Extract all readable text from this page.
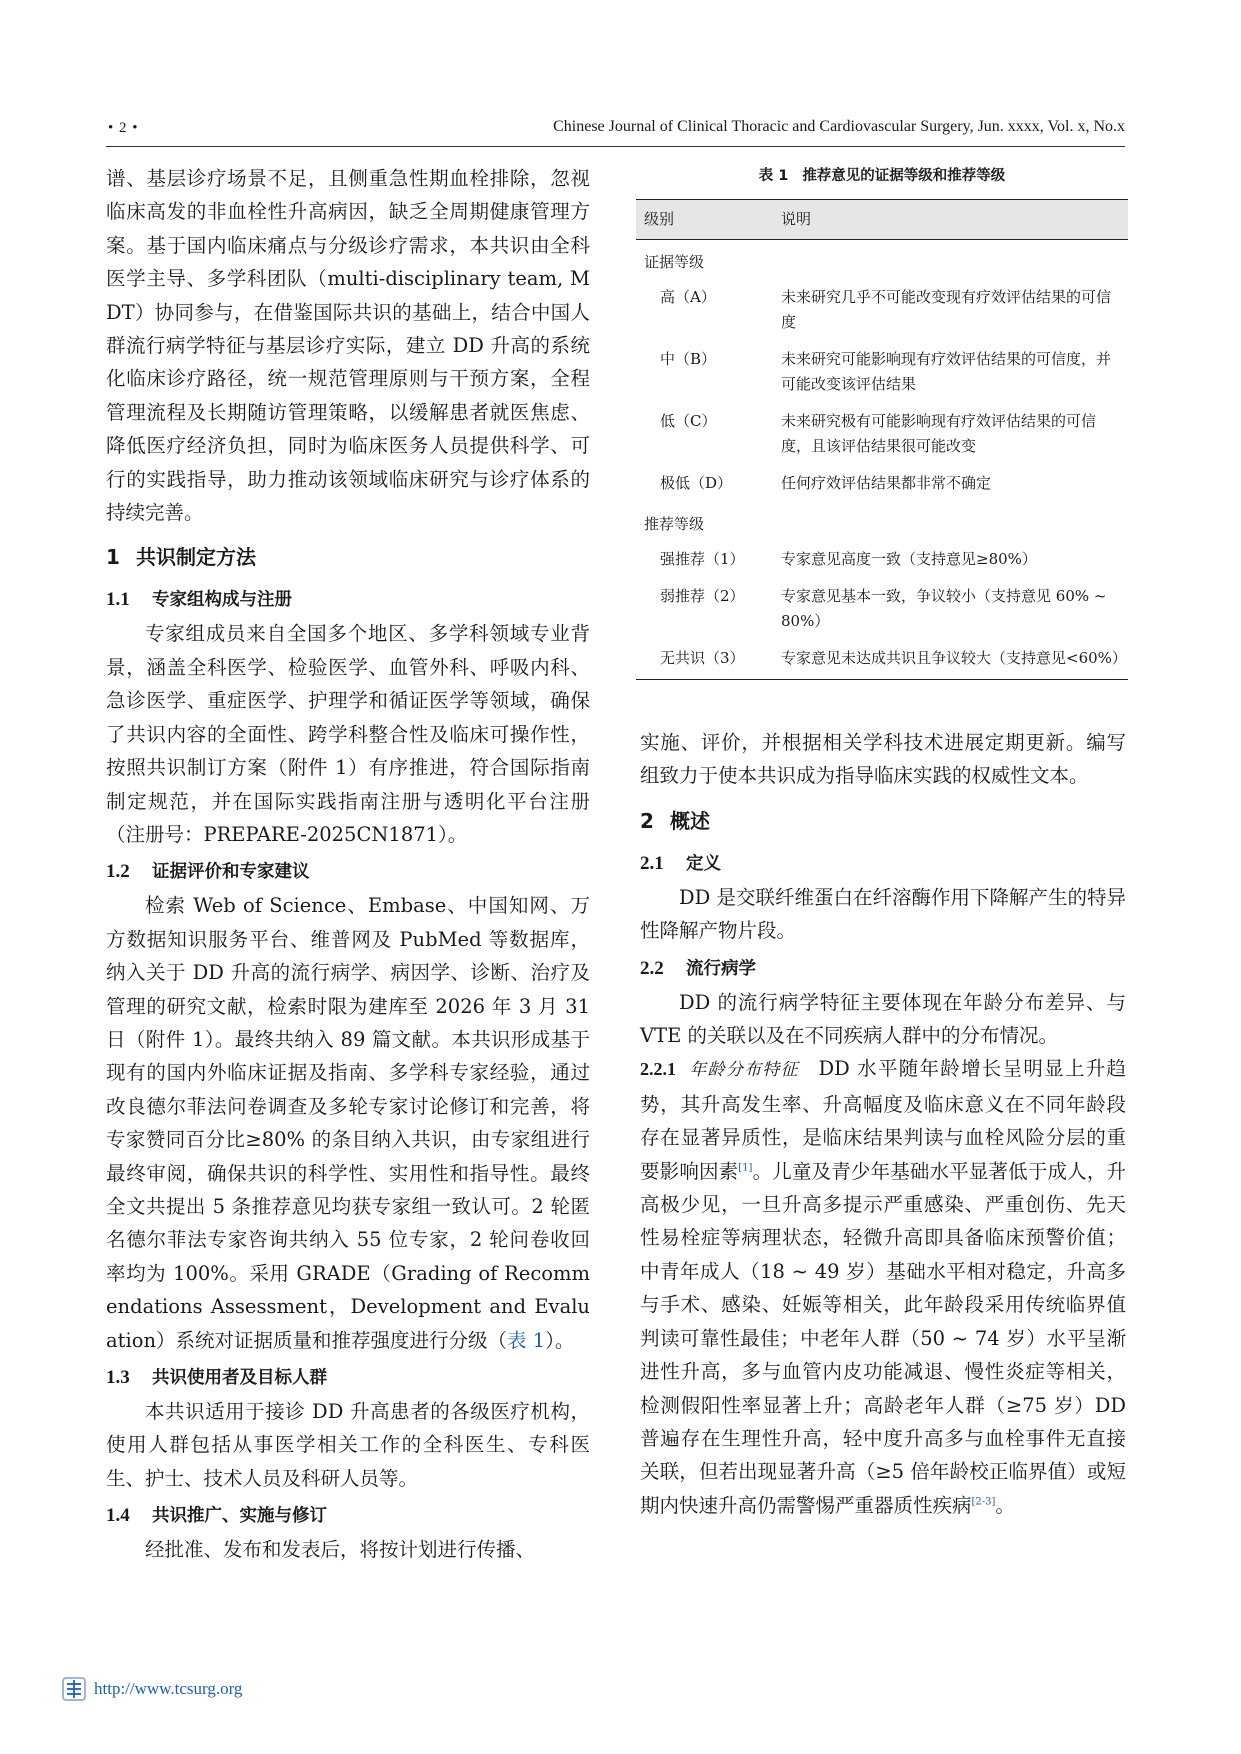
• 2 •	Chinese Journal of Clinical Thoracic and Cardiovascular Surgery, Jun. xxxx, Vol. x, No.x

谱、基层诊疗场景不足，且侧重急性期血栓排除，忽视临床高发的非血栓性升高病因，缺乏全周期健康管理方案。基于国内临床痛点与分级诊疗需求，本共识由全科医学主导、多学科团队（multi-disciplinary team, MDT）协同参与，在借鉴国际共识的基础上，结合中国人群流行病学特征与基层诊疗实际，建立 DD 升高的系统化临床诊疗路径，统一规范管理原则与干预方案，全程管理流程及长期随访管理策略，以缓解患者就医焦虑、降低医疗经济负担，同时为临床医务人员提供科学、可行的实践指导，助力推动该领域临床研究与诊疗体系的持续完善。

1 共识制定方法
1.1 专家组构成与注册

专家组成员来自全国多个地区、多学科领域专业背景，涵盖全科医学、检验医学、血管外科、呼吸内科、急诊医学、重症医学、护理学和循证医学等领域，确保了共识内容的全面性、跨学科整合性及临床可操作性，按照共识制订方案（附件 1）有序推进，符合国际指南制定规范，并在国际实践指南注册与透明化平台注册（注册号：PREPARE-2025CN1871）。

1.2 证据评价和专家建议

检索 Web of Science、Embase、中国知网、万方数据知识服务平台、维普网及 PubMed 等数据库，纳入关于 DD 升高的流行病学、病因学、诊断、治疗及管理的研究文献，检索时限为建库至 2026 年 3 月 31 日（附件 1）。最终共纳入 89 篇文献。本共识形成基于现有的国内外临床证据及指南、多学科专家经验，通过改良德尔菲法问卷调查及多轮专家讨论修订和完善，将专家赞同百分比≥80% 的条目纳入共识，由专家组进行最终审阅，确保共识的科学性、实用性和指导性。最终全文共提出 5 条推荐意见均获专家组一致认可。2 轮匿名德尔菲法专家咨询共纳入 55 位专家，2 轮问卷收回率均为 100%。采用 GRADE（Grading of Recommendations Assessment，Development and Evaluation）系统对证据质量和推荐强度进行分级（表 1）。

1.3 共识使用者及目标人群

本共识适用于接诊 DD 升高患者的各级医疗机构，使用人群包括从事医学相关工作的全科医生、专科医生、护士、技术人员及科研人员等。

1.4 共识推广、实施与修订

经批准、发布和发表后，将按计划进行传播、

表 1 推荐意见的证据等级和推荐等级
级别	说明
证据等级	
高（A）	未来研究几乎不可能改变现有疗效评估结果的可信度
中（B）	未来研究可能影响现有疗效评估结果的可信度，并可能改变该评估结果
低（C）	未来研究极有可能影响现有疗效评估结果的可信度，且该评估结果很可能改变
极低（D）	任何疗效评估结果都非常不确定
推荐等级	
强推荐（1）	专家意见高度一致（支持意见≥80%）
弱推荐（2）	专家意见基本一致，争议较小（支持意见 60% ~ 80%）
无共识（3）	专家意见未达成共识且争议较大（支持意见<60%）

实施、评价，并根据相关学科技术进展定期更新。编写组致力于使本共识成为指导临床实践的权威性文本。

2 概述
2.1 定义

DD 是交联纤维蛋白在纤溶酶作用下降解产生的特异性降解产物片段。

2.2 流行病学

DD 的流行病学特征主要体现在年龄分布差异、与 VTE 的关联以及在不同疾病人群中的分布情况。

2.2.1 年龄分布特征  DD 水平随年龄增长呈明显上升趋势，其升高发生率、升高幅度及临床意义在不同年龄段存在显著异质性，是临床结果判读与血栓风险分层的重要影响因素[1]。儿童及青少年基础水平显著低于成人，升高极少见，一旦升高多提示严重感染、严重创伤、先天性易栓症等病理状态，轻微升高即具备临床预警价值；中青年成人（18 ~ 49 岁）基础水平相对稳定，升高多与手术、感染、妊娠等相关，此年龄段采用传统临界值判读可靠性最佳；中老年人群（50 ~ 74 岁）水平呈渐进性升高，多与血管内皮功能减退、慢性炎症等相关，检测假阳性率显著上升；高龄老年人群（≥75 岁）DD 普遍存在生理性升高，轻中度升高多与血栓事件无直接关联，但若出现显著升高（≥5 倍年龄校正临界值）或短期内快速升高仍需警惕严重器质性疾病[2-3]。

http://www.tcsurg.org
